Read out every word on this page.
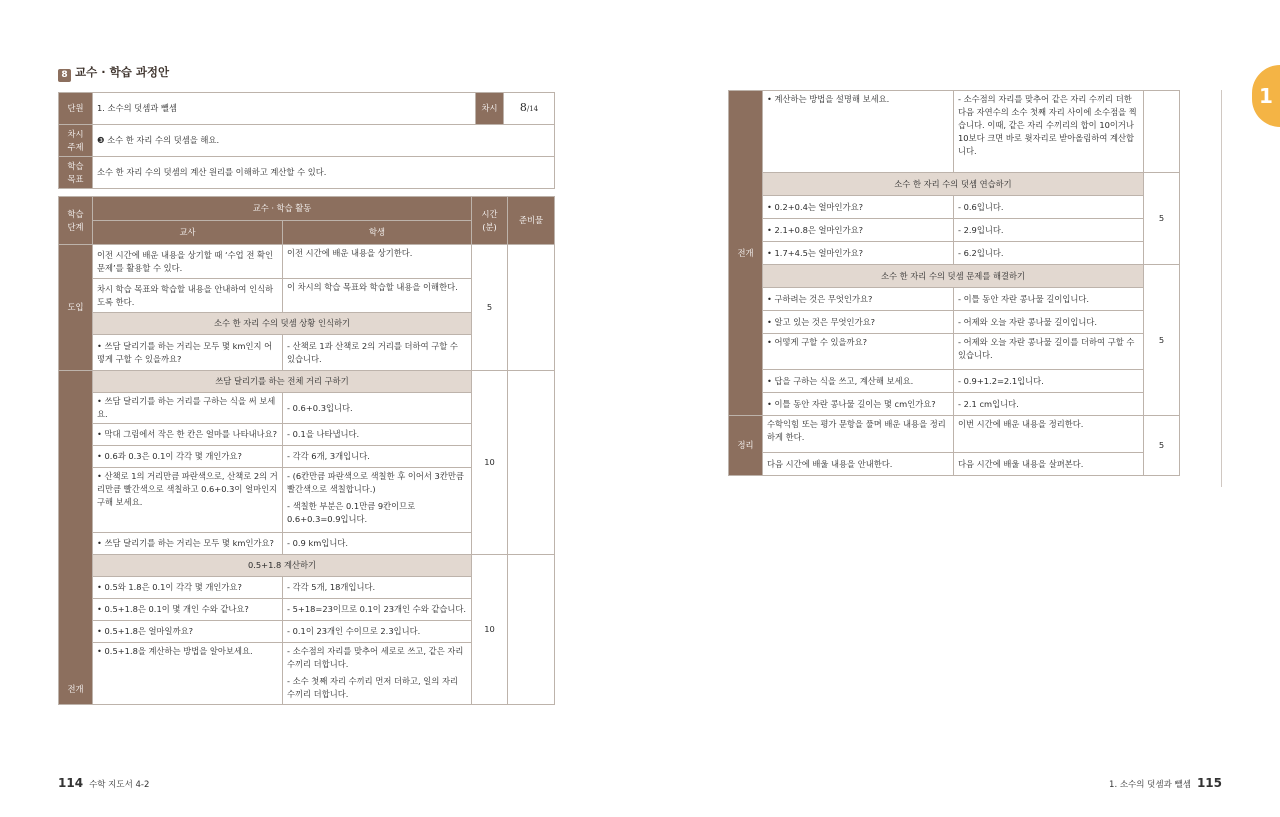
8 교수 · 학습 과정안
단원	1. 소수의 덧셈과 뺄셈	차시	8/14
차시
주제	❸ 소수 한 자리 수의 덧셈을 해요.		
학습
목표	소수 한 자리 수의 덧셈의 계산 원리를 이해하고 계산할 수 있다.		
학습
단계	교수 · 학습 활동		시간
(분)	준비물
	교사	학생		
도입	이전 시간에 배운 내용을 상기할 때 ‘수업 전 확인 문제’를 활용할 수 있다.	이전 시간에 배운 내용을 상기한다.	5	
	차시 학습 목표와 학습할 내용을 안내하여 인식하도록 한다.	이 차시의 학습 목표와 학습할 내용을 이해한다.		
	소수 한 자리 수의 덧셈 상황 인식하기			
	• 쓰담 달리기를 하는 거리는 모두 몇 km인지 어떻게 구할 수 있을까요?	- 산책로 1과 산책로 2의 거리를 더하여 구할 수 있습니다.		
전개	쓰담 달리기를 하는 전체 거리 구하기		10	
	• 쓰담 달리기를 하는 거리를 구하는 식을 써 보세요.	- 0.6+0.3입니다.		
	• 막대 그림에서 작은 한 칸은 얼마를 나타내나요?	- 0.1을 나타냅니다.		
	• 0.6과 0.3은 0.1이 각각 몇 개인가요?	- 각각 6개, 3개입니다.		
	• 산책로 1의 거리만큼 파란색으로, 산책로 2의 거리만큼 빨간색으로 색칠하고 0.6+0.3이 얼마인지 구해 보세요.	- (6칸만큼 파란색으로 색칠한 후 이어서 3칸만큼 빨간색으로 색칠합니다.)		
		- 색칠한 부분은 0.1만큼 9칸이므로 0.6+0.3=0.9입니다.		
	• 쓰담 달리기를 하는 거리는 모두 몇 km인가요?	- 0.9 km입니다.		
	0.5+1.8 계산하기		10	
	• 0.5와 1.8은 0.1이 각각 몇 개인가요?	- 각각 5개, 18개입니다.		
	• 0.5+1.8은 0.1이 몇 개인 수와 같나요?	- 5+18=23이므로 0.1이 23개인 수와 같습니다.		
	• 0.5+1.8은 얼마일까요?	- 0.1이 23개인 수이므로 2.3입니다.		
	• 0.5+1.8을 계산하는 방법을 알아보세요.	- 소수점의 자리를 맞추어 세로로 쓰고, 같은 자리 수끼리 더합니다.		
		- 소수 첫째 자리 수끼리 먼저 더하고, 일의 자리 수끼리 더합니다.		
114 수학 지도서 4-2
전개	• 계산하는 방법을 설명해 보세요.	- 소수점의 자리를 맞추어 같은 자리 수끼리 더한 다음 자연수의 소수 첫째 자리 사이에 소수점을 찍습니다. 이때, 같은 자리 수끼리의 합이 10이거나 10보다 크면 바로 윗자리로 받아올림하여 계산합니다.		
	소수 한 자리 수의 덧셈 연습하기		5	
	• 0.2+0.4는 얼마인가요?	- 0.6입니다.		
	• 2.1+0.8은 얼마인가요?	- 2.9입니다.		
	• 1.7+4.5는 얼마인가요?	- 6.2입니다.		
	소수 한 자리 수의 덧셈 문제를 해결하기		5	
	• 구하려는 것은 무엇인가요?	- 이틀 동안 자란 콩나물 길이입니다.		
	• 알고 있는 것은 무엇인가요?	- 어제와 오늘 자란 콩나물 길이입니다.		
	• 어떻게 구할 수 있을까요?	- 어제와 오늘 자란 콩나물 길이를 더하여 구할 수 있습니다.		
	• 답을 구하는 식을 쓰고, 계산해 보세요.	- 0.9+1.2=2.1입니다.		
	• 이틀 동안 자란 콩나물 길이는 몇 cm인가요?	- 2.1 cm입니다.		
정리	수학익힘 또는 평가 문항을 풀며 배운 내용을 정리하게 한다.	이번 시간에 배운 내용을 정리한다.	5	
	다음 시간에 배울 내용을 안내한다.	다음 시간에 배울 내용을 살펴본다.		
1. 소수의 덧셈과 뺄셈 115
1
